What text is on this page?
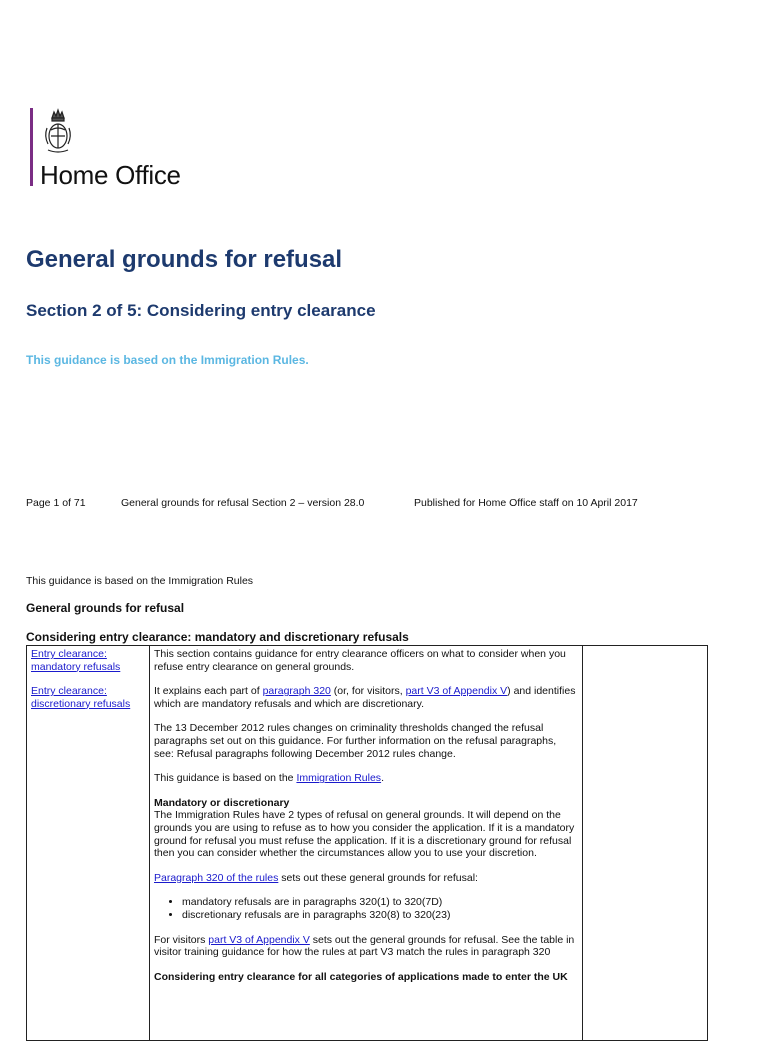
Home Office
General grounds for refusal
Section 2 of 5: Considering entry clearance
This guidance is based on the Immigration Rules.
Page 1 of 71	General grounds for refusal Section 2 – version 28.0	Published for Home Office staff on 10 April 2017
This guidance is based on the Immigration Rules
General grounds for refusal
Considering entry clearance: mandatory and discretionary refusals
Entry clearance: mandatory refusals
Entry clearance: discretionary refusals

This section contains guidance for entry clearance officers on what to consider when you refuse entry clearance on general grounds.

It explains each part of paragraph 320 (or, for visitors, part V3 of Appendix V) and identifies which are mandatory refusals and which are discretionary.

The 13 December 2012 rules changes on criminality thresholds changed the refusal paragraphs set out on this guidance. For further information on the refusal paragraphs, see: Refusal paragraphs following December 2012 rules change.

This guidance is based on the Immigration Rules.

Mandatory or discretionary
The Immigration Rules have 2 types of refusal on general grounds. It will depend on the grounds you are using to refuse as to how you consider the application. If it is a mandatory ground for refusal you must refuse the application. If it is a discretionary ground for refusal then you can consider whether the circumstances allow you to use your discretion.

Paragraph 320 of the rules sets out these general grounds for refusal:

• mandatory refusals are in paragraphs 320(1) to 320(7D)
• discretionary refusals are in paragraphs 320(8) to 320(23)

For visitors part V3 of Appendix V sets out the general grounds for refusal. See the table in visitor training guidance for how the rules at part V3 match the rules in paragraph 320

Considering entry clearance for all categories of applications made to enter the UK
